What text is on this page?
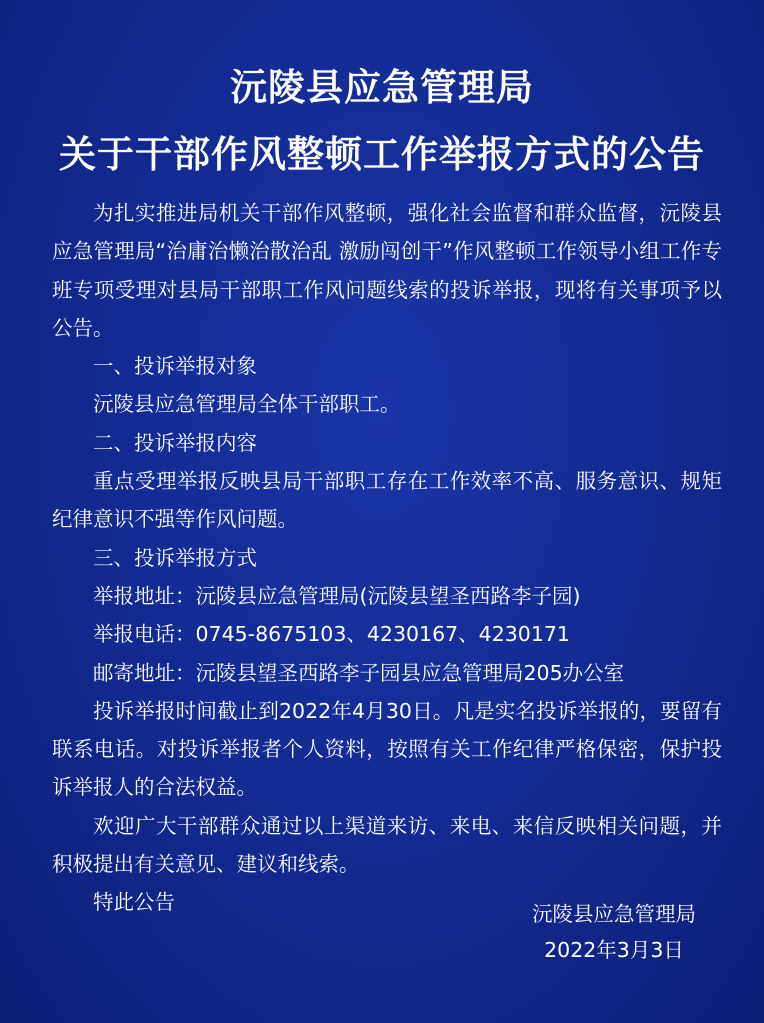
沅陵县应急管理局
关于干部作风整顿工作举报方式的公告

为扎实推进局机关干部作风整顿，强化社会监督和群众监督，沅陵县应急管理局“治庸治懒治散治乱 激励闯创干”作风整顿工作领导小组工作专班专项受理对县局干部职工作风问题线索的投诉举报，现将有关事项予以公告。

一、投诉举报对象

沅陵县应急管理局全体干部职工。

二、投诉举报内容

重点受理举报反映县局干部职工存在工作效率不高、服务意识、规矩纪律意识不强等作风问题。

三、投诉举报方式

举报地址：沅陵县应急管理局(沅陵县望圣西路李子园)

举报电话：0745-8675103、4230167、4230171

邮寄地址：沅陵县望圣西路李子园县应急管理局205办公室

投诉举报时间截止到2022年4月30日。凡是实名投诉举报的，要留有联系电话。对投诉举报者个人资料，按照有关工作纪律严格保密，保护投诉举报人的合法权益。

欢迎广大干部群众通过以上渠道来访、来电、来信反映相关问题，并积极提出有关意见、建议和线索。

特此公告	沅陵县应急管理局
2022年3月3日
